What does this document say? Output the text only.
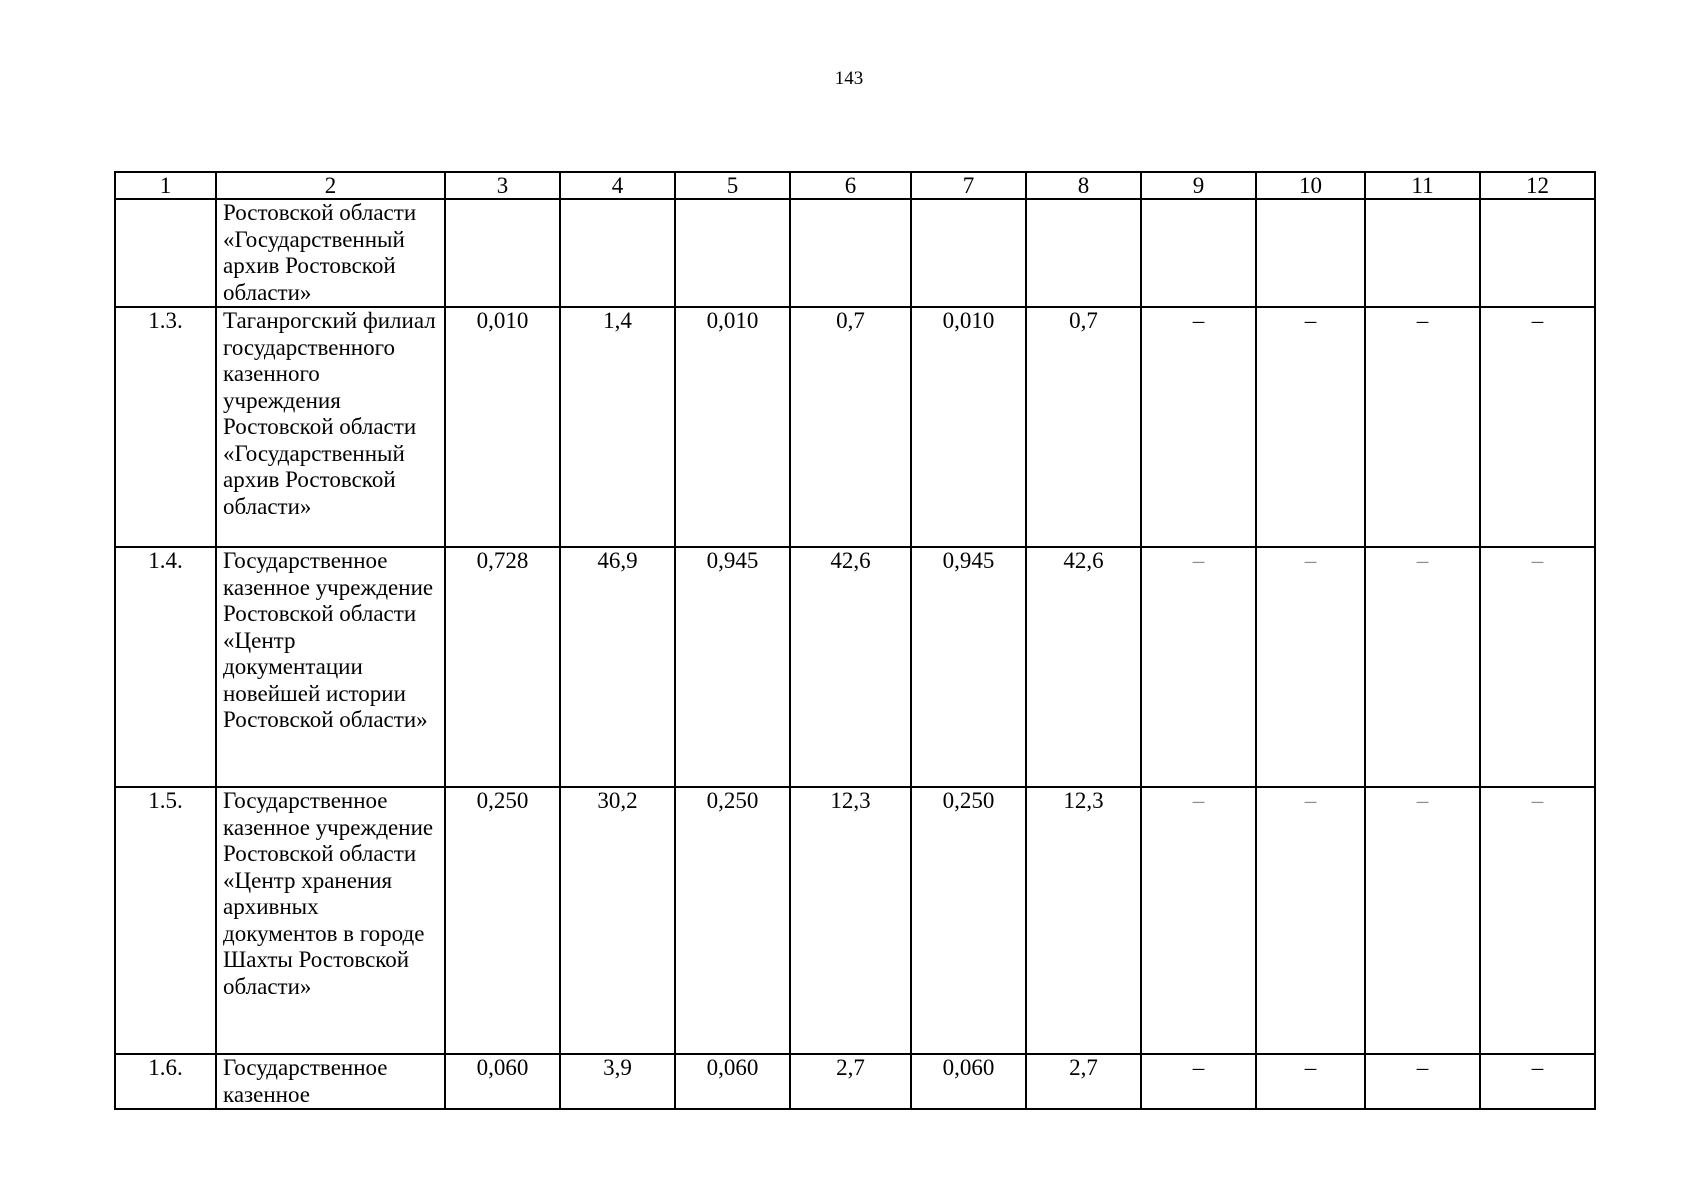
143
1	2	3	4	5	6	7	8	9	10	11	12
	Ростовской области «Государственный архив Ростовской области»										
1.3.	Таганрогский филиал государственного казенного учреждения Ростовской области «Государственный архив Ростовской области»	0,010	1,4	0,010	0,7	0,010	0,7	–	–	–	–
1.4.	Государственное казенное учреждение Ростовской области «Центр документации новейшей истории Ростовской области»	0,728	46,9	0,945	42,6	0,945	42,6	–	–	–	–
1.5.	Государственное казенное учреждение Ростовской области «Центр хранения архивных документов в городе Шахты Ростовской области»	0,250	30,2	0,250	12,3	0,250	12,3	–	–	–	–
1.6.	Государственное казенное	0,060	3,9	0,060	2,7	0,060	2,7	–	–	–	–
